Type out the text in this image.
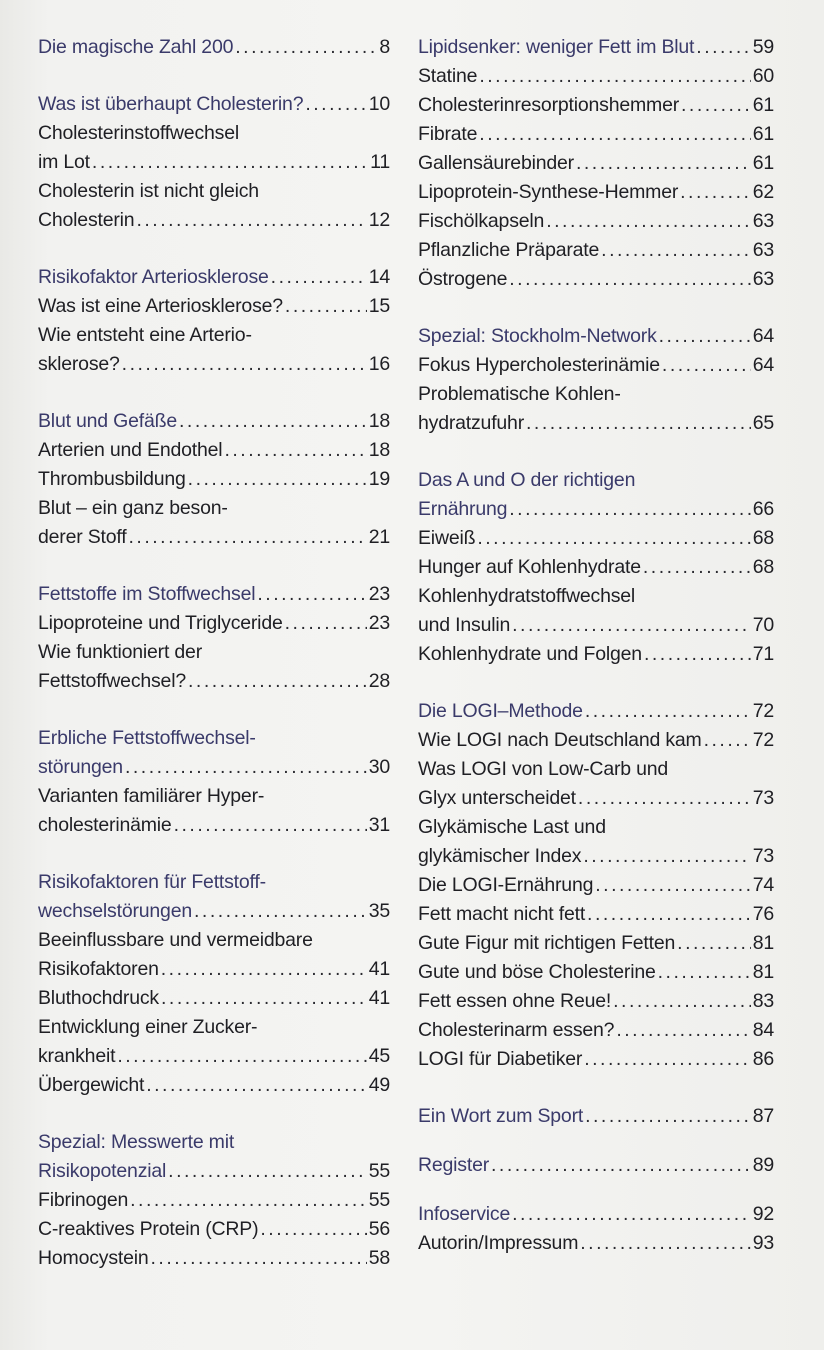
Die magische Zahl 200 .....	8
Was ist überhaupt Cholesterin? .....	10
Cholesterinstoffwechsel
im Lot .....	11
Cholesterin ist nicht gleich
Cholesterin .....	12
Risikofaktor Arteriosklerose .....	14
Was ist eine Arteriosklerose? .....	15
Wie entsteht eine Arterio-
sklerose? .....	16
Blut und Gefäße .....	18
Arterien und Endothel .....	18
Thrombusbildung .....	19
Blut – ein ganz beson-
derer Stoff .....	21
Fettstoffe im Stoffwechsel .....	23
Lipoproteine und Triglyceride .....	23
Wie funktioniert der
Fettstoffwechsel? .....	28
Erbliche Fettstoffwechsel-
störungen .....	30
Varianten familiärer Hyper-
cholesterinämie .....	31
Risikofaktoren für Fettstoff-
wechselstörungen .....	35
Beeinflussbare und vermeidbare
Risikofaktoren .....	41
Bluthochdruck .....	41
Entwicklung einer Zucker-
krankheit .....	45
Übergewicht .....	49
Spezial: Messwerte mit
Risikopotenzial .....	55
Fibrinogen .....	55
C-reaktives Protein (CRP) .....	56
Homocystein .....	58
Lipidsenker: weniger Fett im Blut .....	59
Statine .....	60
Cholesterinresorptionshemmer .....	61
Fibrate .....	61
Gallensäurebinder .....	61
Lipoprotein-Synthese-Hemmer .....	62
Fischölkapseln .....	63
Pflanzliche Präparate .....	63
Östrogene .....	63
Spezial: Stockholm-Network .....	64
Fokus Hypercholesterinämie .....	64
Problematische Kohlen-
hydratzufuhr .....	65
Das A und O der richtigen
Ernährung .....	66
Eiweiß .....	68
Hunger auf Kohlenhydrate .....	68
Kohlenhydratstoffwechsel
und Insulin .....	70
Kohlenhydrate und Folgen .....	71
Die LOGI–Methode .....	72
Wie LOGI nach Deutschland kam .....	72
Was LOGI von Low-Carb und
Glyx unterscheidet .....	73
Glykämische Last und
glykämischer Index .....	73
Die LOGI-Ernährung .....	74
Fett macht nicht fett .....	76
Gute Figur mit richtigen Fetten .....	81
Gute und böse Cholesterine .....	81
Fett essen ohne Reue! .....	83
Cholesterinarm essen? .....	84
LOGI für Diabetiker .....	86
Ein Wort zum Sport .....	87
Register .....	89
Infoservice .....	92
Autorin/Impressum .....	93
